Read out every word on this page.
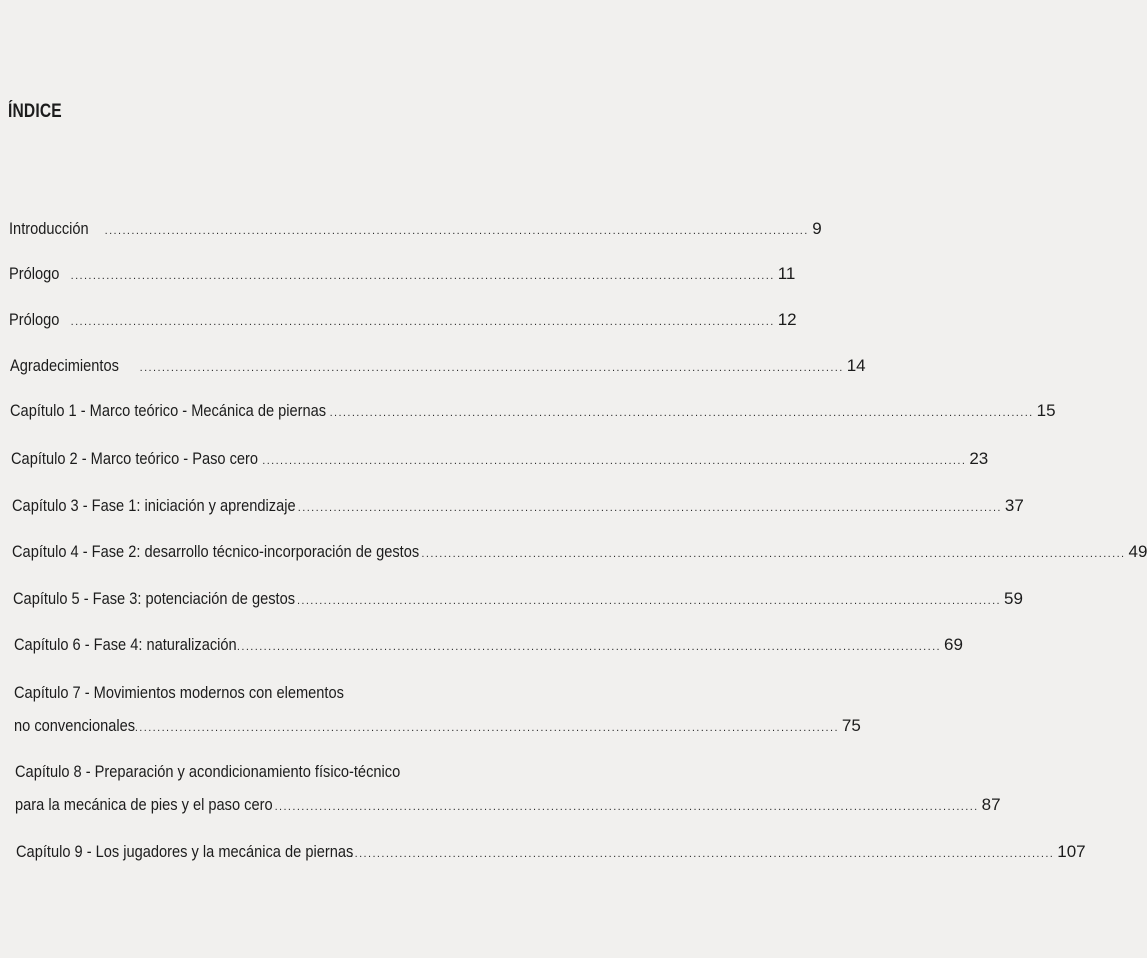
ÍNDICE
Introducción .............................................................................................................................................................. 9
Prólogo .............................................................................................................................................................. 11
Prólogo .............................................................................................................................................................. 12
Agradecimientos .............................................................................................................................................................. 14
Capítulo 1 - Marco teórico - Mecánica de piernas .............................................................................................................................................................. 15
Capítulo 2 - Marco teórico - Paso cero .............................................................................................................................................................. 23
Capítulo 3 - Fase 1: iniciación y aprendizaje .............................................................................................................................................................. 37
Capítulo 4 - Fase 2: desarrollo técnico-incorporación de gestos .............................................................................................................................................................. 49
Capítulo 5 - Fase 3: potenciación de gestos .............................................................................................................................................................. 59
Capítulo 6 - Fase 4: naturalización .............................................................................................................................................................. 69
Capítulo 7 - Movimientos modernos con elementos
no convencionales .............................................................................................................................................................. 75
Capítulo 8 - Preparación y acondicionamiento físico-técnico
para la mecánica de pies y el paso cero .............................................................................................................................................................. 87
Capítulo 9 - Los jugadores y la mecánica de piernas
.............................................................................................................................................................. 107
